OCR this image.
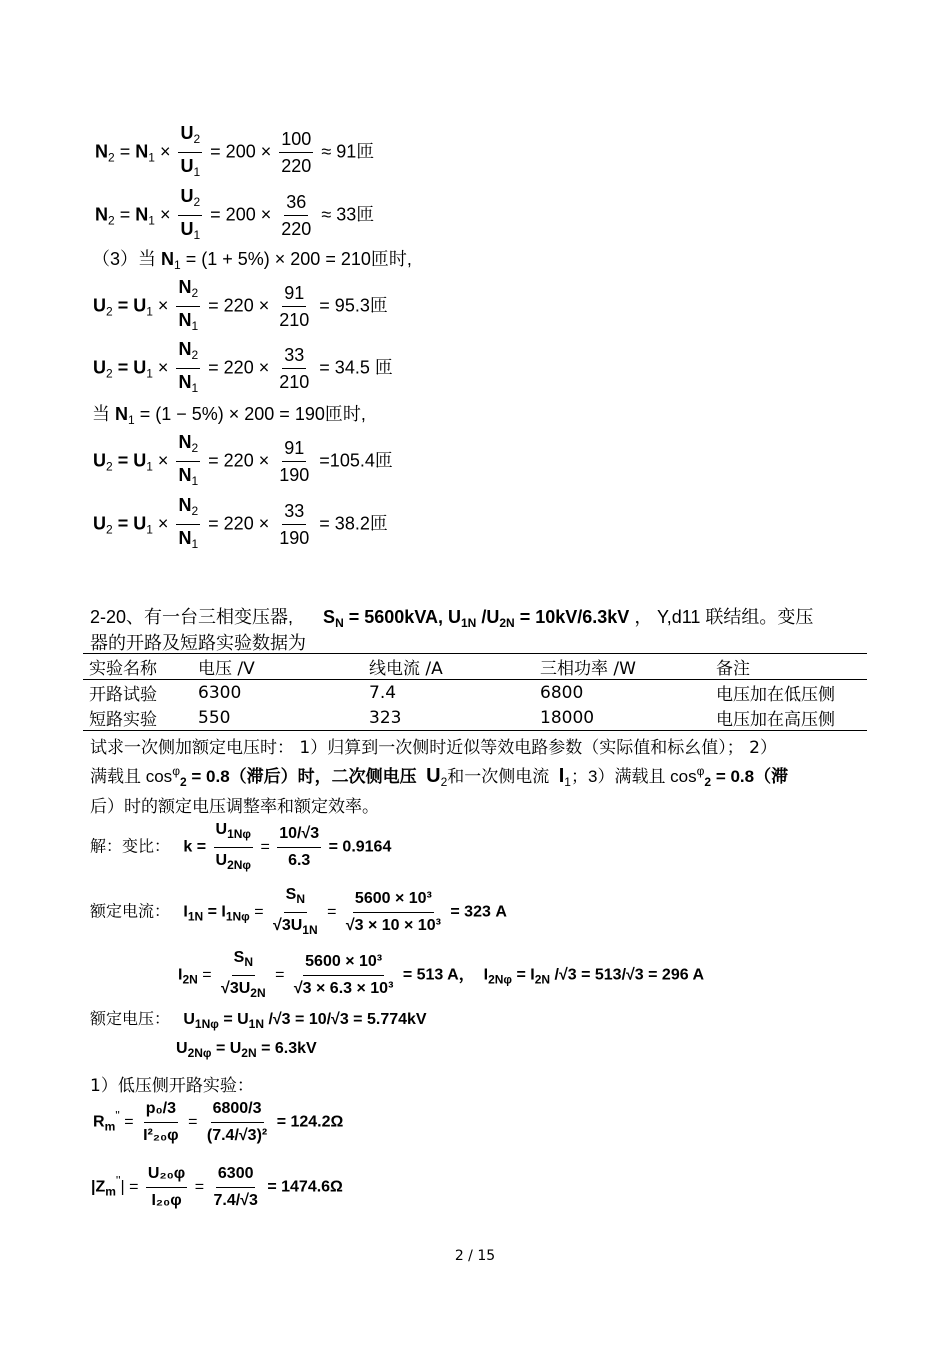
$N_2 = N_1 \times \frac{U_2}{U_1} = 200 \times \frac{100}{220} \approx 91$匝
$N_2 = N_1 \times \frac{U_2}{U_1} = 200 \times \frac{36}{220} \approx 33$匝
（3）当 $N_1 = (1 + 5\%) \times 200 = 210$匝时,
$U_2 = U_1 \times \frac{N_2}{N_1} = 220 \times \frac{91}{210} = 95.3$匝
$U_2 = U_1 \times \frac{N_2}{N_1} = 220 \times \frac{33}{210} = 34.5$ 匝
当 $N_1 = (1 - 5\%) \times 200 = 190$匝时,
$U_2 = U_1 \times \frac{N_2}{N_1} = 220 \times \frac{91}{190} =105.4$匝
$U_2 = U_1 \times \frac{N_2}{N_1} = 220 \times \frac{33}{190} = 38.2$匝
2-20、有一台三相变压器, $S_N = 5600kVA$, $U_{1N}$ $/U_{2N} = 10kV/6.3kV$ ， Y,d11 联结组。变压
器的开路及短路实验数据为
实验名称	电压 /V	线电流 /A	三相功率 /W	备注
开路试验	6300	7.4	6800	电压加在低压侧
短路实验	550	323	18000	电压加在高压侧
试求一次侧加额定电压时： 1）归算到一次侧时近似等效电路参数（实际值和标幺值）； 2）
满载且 $\cos^\varphi_2 = 0.8$（滞后）时，二次侧电压 $U_2$和一次侧电流 $I_1$；3）满载且 $\cos^\varphi_2 = 0.8$（滞
后）时的额定电压调整率和额定效率。
解：变比： $k = \frac{U_{1N\varphi}}{U_{2N\varphi}} = \frac{10/√3}{6.3} = 0.9164$
额定电流： $I_{1N} = I_{1N\varphi} = \frac{S_N}{√3U_{1N}} = \frac{\text{5600 × 10³}}{\text{√3 × 10 × 10³}} = 323$ A
$I_{2N} = \frac{S_N}{√3U_{2N}} = \frac{\text{5600 × 10³}}{\text{√3 × 6.3 × 10³}} = 513$ A， $I_{2N\varphi} = I_{2N}$ /√3 = 513/√3 = 296 A
额定电压： $U_{1N\varphi} = U_{1N}$ /√3 = 10/√3 = 5.774kV
$U_{2N\varphi} = U_{2N} = 6.3kV$
1）低压侧开路实验：
$R_m'' = \frac{\text{p₀/3}}{\text{I²₂₀φ}} = \frac{6800/3}{\text{(7.4/√3)²}} = 124.2\Omega$
$|Z_m''| = \frac{\text{U₂₀φ}}{\text{I₂₀φ}} = \frac{6300}{7.4/√3} = 1474.6\Omega$
2 / 15
